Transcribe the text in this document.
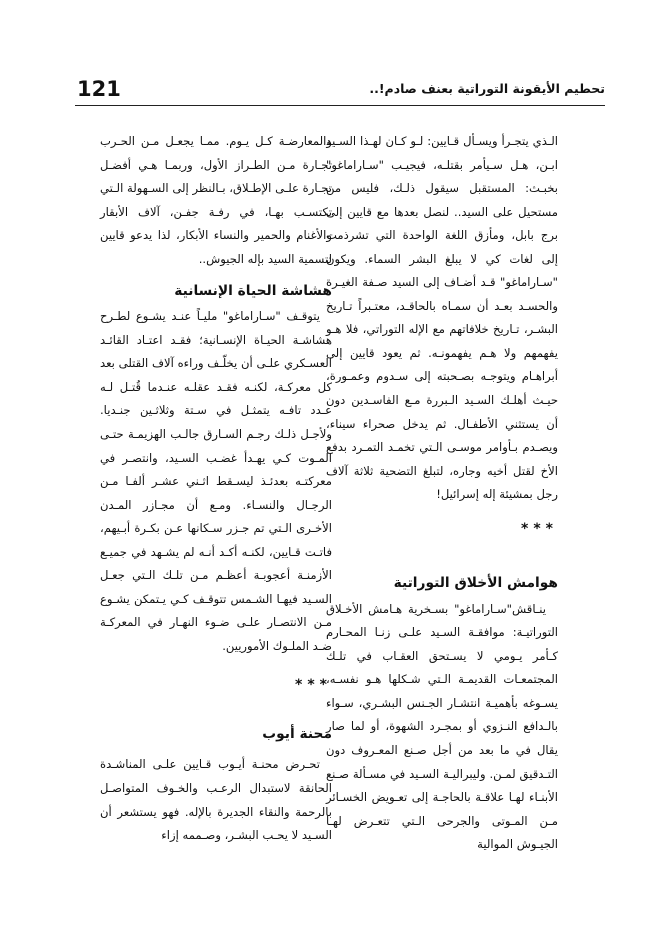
121	تحطيم الأيقونة التوراتية بعنف صادم!..

الـذي يتجـرأ ويسـأل قـايين: لـو كـان لهـذا السـيد ابـن، هـل سـيأمر بقتلـه، فيجيـب "سـاراماغو" بخبـث: المستقبل سيقول ذلـك، فليس من مستحيل على السيد.. لنصل بعدها مع قايين إلى برج بابل، ومأزق اللغة الواحدة التي تشرذمت إلى لغات كي لا يبلغ البشر السماء. ويكون "سـاراماغو" قـد أضـاف إلى السيد صـفة الغيـرة والحسـد بعـد أن سمـاه بالحاقـد، معتـبراً تـاريخ البشـر، تـاريخ خلافاتهم مع الإله التوراتي، فلا هـو يفهمهم ولا هـم يفهمونـه. ثم يعود قايين إلى أبراهـام ويتوجـه بصـحبته إلى سـدوم وعمـورة، حيـث أهلـك السـيد الـبررة مـع الفاسـدين دون أن يستثني الأطفـال. ثم يدخل صحراء سيناء، ويصـدم بـأوامر موسـى الـتي تخمـد التمـرد بدفع الأخ لقتل أخيه وجاره، لتبلغ التضحية ثلاثة آلاف رجل بمشيئة إله إسرائيل!

***
هوامش الأخلاق التوراتية

ينـاقش"سـاراماغو" بسـخرية هـامش الأخـلاق التوراتيـة: موافقـة السـيد علـى زنـا المحـارم كـأمر يـومي لا يسـتحق العقـاب في تلـك المجتمعـات القديمـة الـتي شـكلها هـو نفسـه، يسـوغه بأهميـة انتشـار الجـنس البشـري، سـواء بالـدافع النـزوي أو بمجـرد الشهوة، أو لما صار يقال في ما بعد من أجل صـنع المعـروف دون التـدقيق لمـن. وليبراليـة السـيد في مسـألة صـنع الأبنـاء لهـا علاقـة بالحاجـة إلى تعـويض الخسـائر مـن المـوتى والجرحى الـتي تتعـرض لهـا الجيـوش الموالية

والمعارضـة كـل يـوم. ممـا يجعـل مـن الحـرب تجـارة مـن الطـراز الأول، وربمـا هـي أفضـل تجـارة علـى الإطـلاق، بـالنظر إلى السـهولة الـتي تكتسـب بهـا، في رفـة جفـن، آلاف الأبقار والأغنام والحمير والنساء الأبكار، لذا يدعو قايين لتسمية السيد بإله الجيوش..

هشاشة الحياة الإنسانية

يتوقـف "سـاراماغو" مليـاً عنـد يشـوع لطـرح هشاشـة الحيـاة الإنسـانية؛ فقـد اعتـاد القائـد العسـكري علـى أن يخلّـف وراءه آلاف القتلى بعد كل معركـة، لكنـه فقـد عقلـه عنـدما قُتـل لـه عـدد تافـه يتمثـل في سـتة وثلاثـين جنـديا. ولأجـل ذلـك رجـم السـارق جالـب الهزيمـة حتـى المـوت كـي يهـدأ غضـب السـيد، وانتصـر في معركتـه بعدئـذ ليسـقط اثـني عشـر ألفـا مـن الرجـال والنسـاء. ومـع أن مجـازر المـدن الأخـرى الـتي تم جـزر سـكانها عـن بكـرة أبـيهم، فاتـت قـايين، لكنـه أكـد أنـه لم يشـهد في جميـع الأزمنـة أعجوبـة أعظـم مـن تلـك الـتي جعـل السـيد فيهـا الشـمس تتوقـف كـي يـتمكن يشـوع مـن الانتصـار علـى ضـوء النهـار في المعركـة ضـد الملـوك الأموريين.

***
محنة أيوب

تحـرض محنـة أيـوب قـايين علـى المناشـدة الحانقة لاستبدال الرعـب والخـوف المتواصـل بالرحمة والنقاء الجديرة بالإله. فهو يستشعر أن السـيد لا يحـب البشـر، وصـممه إزاء
